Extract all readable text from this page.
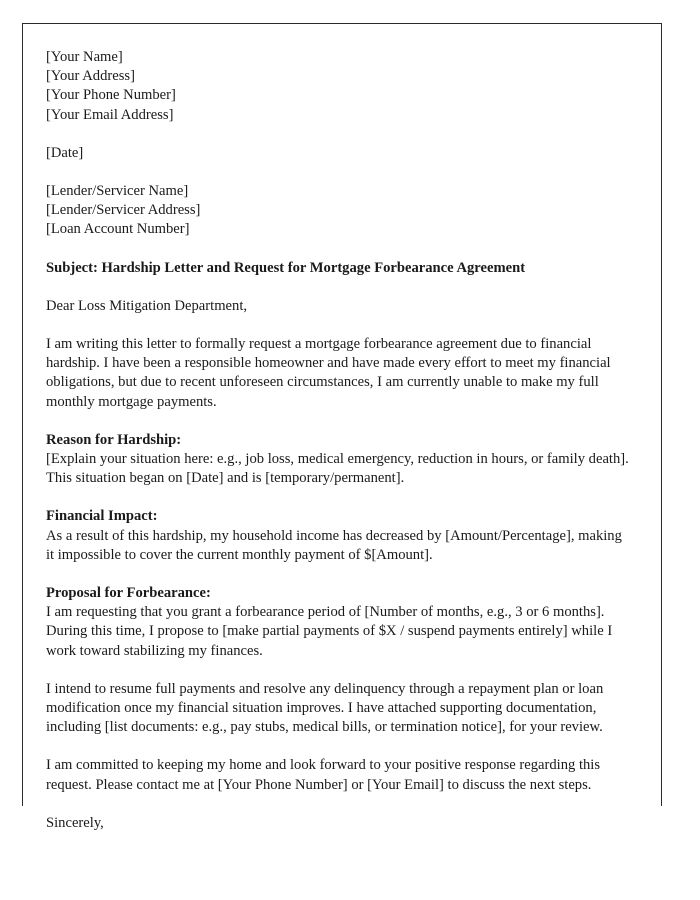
[Your Name]
[Your Address]
[Your Phone Number]
[Your Email Address]
[Date]
[Lender/Servicer Name]
[Lender/Servicer Address]
[Loan Account Number]
Subject: Hardship Letter and Request for Mortgage Forbearance Agreement
Dear Loss Mitigation Department,
I am writing this letter to formally request a mortgage forbearance agreement due to financial hardship. I have been a responsible homeowner and have made every effort to meet my financial obligations, but due to recent unforeseen circumstances, I am currently unable to make my full monthly mortgage payments.
Reason for Hardship:
[Explain your situation here: e.g., job loss, medical emergency, reduction in hours, or family death]. This situation began on [Date] and is [temporary/permanent].
Financial Impact:
As a result of this hardship, my household income has decreased by [Amount/Percentage], making it impossible to cover the current monthly payment of $[Amount].
Proposal for Forbearance:
I am requesting that you grant a forbearance period of [Number of months, e.g., 3 or 6 months]. During this time, I propose to [make partial payments of $X / suspend payments entirely] while I work toward stabilizing my finances.
I intend to resume full payments and resolve any delinquency through a repayment plan or loan modification once my financial situation improves. I have attached supporting documentation, including [list documents: e.g., pay stubs, medical bills, or termination notice], for your review.
I am committed to keeping my home and look forward to your positive response regarding this request. Please contact me at [Your Phone Number] or [Your Email] to discuss the next steps.
Sincerely,
